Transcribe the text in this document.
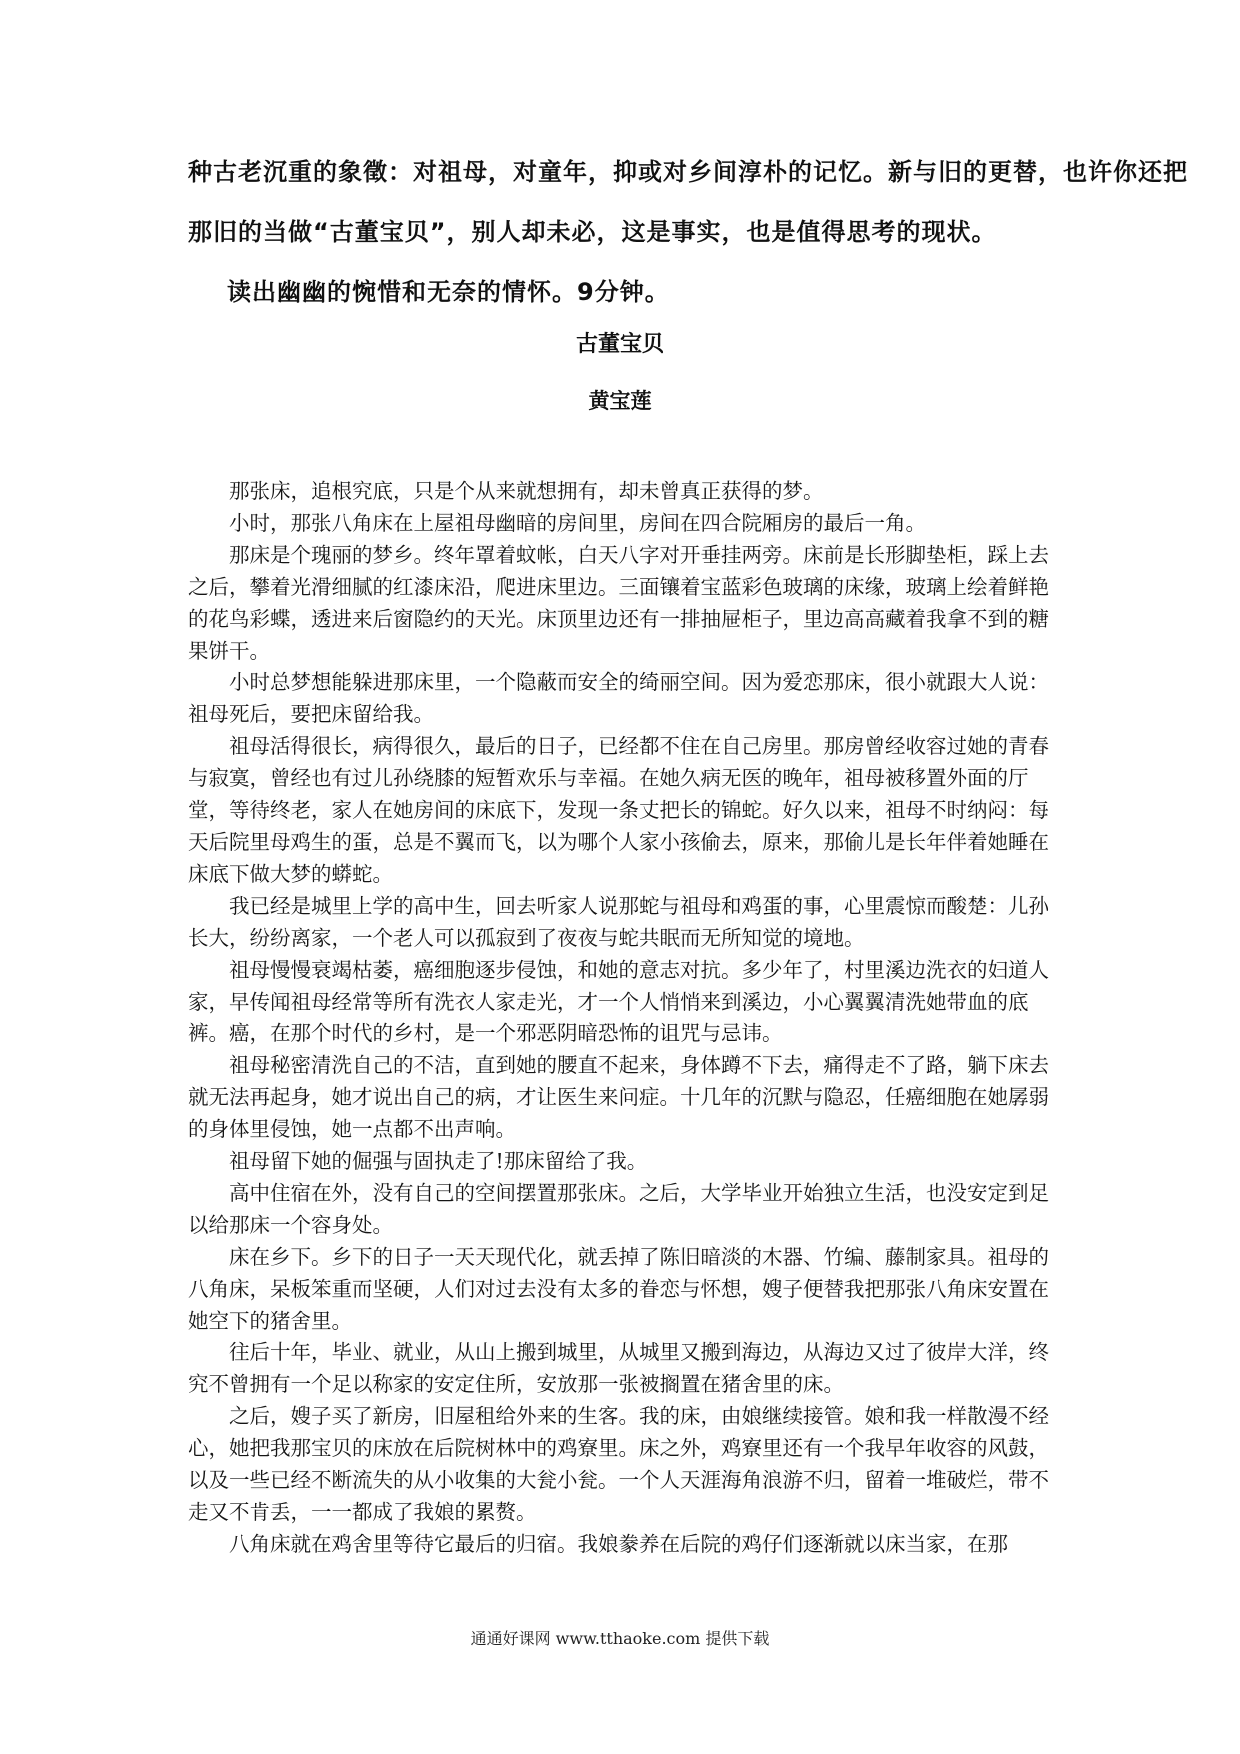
种古老沉重的象徵：对祖母，对童年，抑或对乡间淳朴的记忆。新与旧的更替，也许你还把
那旧的当做“古董宝贝”，别人却未必，这是事实，也是值得思考的现状。
读出幽幽的惋惜和无奈的情怀。9分钟。
古董宝贝
黄宝莲

那张床，追根究底，只是个从来就想拥有，却未曾真正获得的梦。

小时，那张八角床在上屋祖母幽暗的房间里，房间在四合院厢房的最后一角。

那床是个瑰丽的梦乡。终年罩着蚊帐，白天八字对开垂挂两旁。床前是长形脚垫柜，踩上去之后，攀着光滑细腻的红漆床沿，爬进床里边。三面镶着宝蓝彩色玻璃的床缘，玻璃上绘着鲜艳的花鸟彩蝶，透进来后窗隐约的天光。床顶里边还有一排抽屉柜子，里边高高藏着我拿不到的糖果饼干。

小时总梦想能躲进那床里，一个隐蔽而安全的绮丽空间。因为爱恋那床，很小就跟大人说：祖母死后，要把床留给我。

祖母活得很长，病得很久，最后的日子，已经都不住在自己房里。那房曾经收容过她的青春与寂寞，曾经也有过儿孙绕膝的短暂欢乐与幸福。在她久病无医的晚年，祖母被移置外面的厅堂，等待终老，家人在她房间的床底下，发现一条丈把长的锦蛇。好久以来，祖母不时纳闷：每天后院里母鸡生的蛋，总是不翼而飞，以为哪个人家小孩偷去，原来，那偷儿是长年伴着她睡在床底下做大梦的蟒蛇。

我已经是城里上学的高中生，回去听家人说那蛇与祖母和鸡蛋的事，心里震惊而酸楚：儿孙长大，纷纷离家，一个老人可以孤寂到了夜夜与蛇共眠而无所知觉的境地。

祖母慢慢衰竭枯萎，癌细胞逐步侵蚀，和她的意志对抗。多少年了，村里溪边洗衣的妇道人家，早传闻祖母经常等所有洗衣人家走光，才一个人悄悄来到溪边，小心翼翼清洗她带血的底裤。癌，在那个时代的乡村，是一个邪恶阴暗恐怖的诅咒与忌讳。

祖母秘密清洗自己的不洁，直到她的腰直不起来，身体蹲不下去，痛得走不了路，躺下床去就无法再起身，她才说出自己的病，才让医生来问症。十几年的沉默与隐忍，任癌细胞在她孱弱的身体里侵蚀，她一点都不出声响。

祖母留下她的倔强与固执走了!那床留给了我。

高中住宿在外，没有自己的空间摆置那张床。之后，大学毕业开始独立生活，也没安定到足以给那床一个容身处。

床在乡下。乡下的日子一天天现代化，就丢掉了陈旧暗淡的木器、竹编、藤制家具。祖母的八角床，呆板笨重而坚硬，人们对过去没有太多的眷恋与怀想，嫂子便替我把那张八角床安置在她空下的猪舍里。

往后十年，毕业、就业，从山上搬到城里，从城里又搬到海边，从海边又过了彼岸大洋，终究不曾拥有一个足以称家的安定住所，安放那一张被搁置在猪舍里的床。

之后，嫂子买了新房，旧屋租给外来的生客。我的床，由娘继续接管。娘和我一样散漫不经心，她把我那宝贝的床放在后院树林中的鸡寮里。床之外，鸡寮里还有一个我早年收容的风鼓，以及一些已经不断流失的从小收集的大瓮小瓮。一个人天涯海角浪游不归，留着一堆破烂，带不走又不肯丢，一一都成了我娘的累赘。

八角床就在鸡舍里等待它最后的归宿。我娘豢养在后院的鸡仔们逐渐就以床当家，在那

通通好课网 www.tthaoke.com 提供下载
